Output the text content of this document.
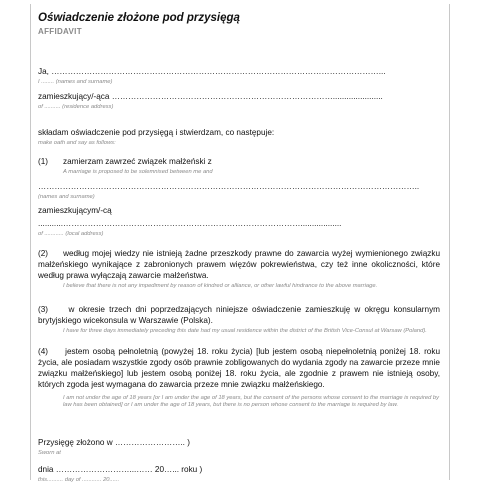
Oświadczenie złożone pod przysięgą
AFFIDAVIT
Ja, …………………………………………………………………………………………………………...
I ........ (names and surname)
zamieszkujący/-ąca ………………………………………………………………………......................
of .......... (residence address)
składam oświadczenie pod przysięgą i stwierdzam, co następuje:
make oath and say as follows:
(1) zamierzam zawrzeć związek małżeński z
A marriage is proposed to be solemnised between me and
…………………………………………………………………………………………………………………………..
(names and surname)
zamieszkującym/-cą
...........……………………………………………………………………………..................
of ............ (local address)
(2) według mojej wiedzy nie istnieją żadne przeszkody prawne do zawarcia wyżej wymienionego związku małżeńskiego wynikające z zabronionych prawem więzów pokrewieństwa, czy też inne okoliczności, które według prawa wyłączają zawarcie małżeństwa.
I believe that there is not any impediment by reason of kindred or alliance, or other lawful hindrance to the above marriage.
(3)	w okresie trzech dni poprzedzających niniejsze oświadczenie zamieszkuję w okręgu konsularnym brytyjskiego wicekonsula w Warszawie (Polska).
I have for three days immediately preceding this date had my usual residence within the district of the British Vice-Consul at Warsaw (Poland).
(4) jestem osobą pełnoletnią (powyżej 18. roku życia) [lub jestem osobą niepełnoletnią poniżej 18. roku życia, ale posiadam wszystkie zgody osób prawnie zobligowanych do wydania zgody na zawarcie przeze mnie związku małżeńskiego] lub jestem osobą poniżej 18. roku życia, ale zgodnie z prawem nie istnieją osoby, których zgoda jest wymagana do zawarcia przeze mnie związku małżeńskiego.
I am not under the age of 18 years [or I am under the age of 18 years, but the consent of the persons whose consent to the marriage is required by law has been obtained] or I am under the age of 18 years, but there is no person whose consent to the marriage is required by law.
Przysięgę złożono w …………………….. )
Sworn at
dnia ………………………...…… 20…... roku )
this.......... day of ............ 20......
